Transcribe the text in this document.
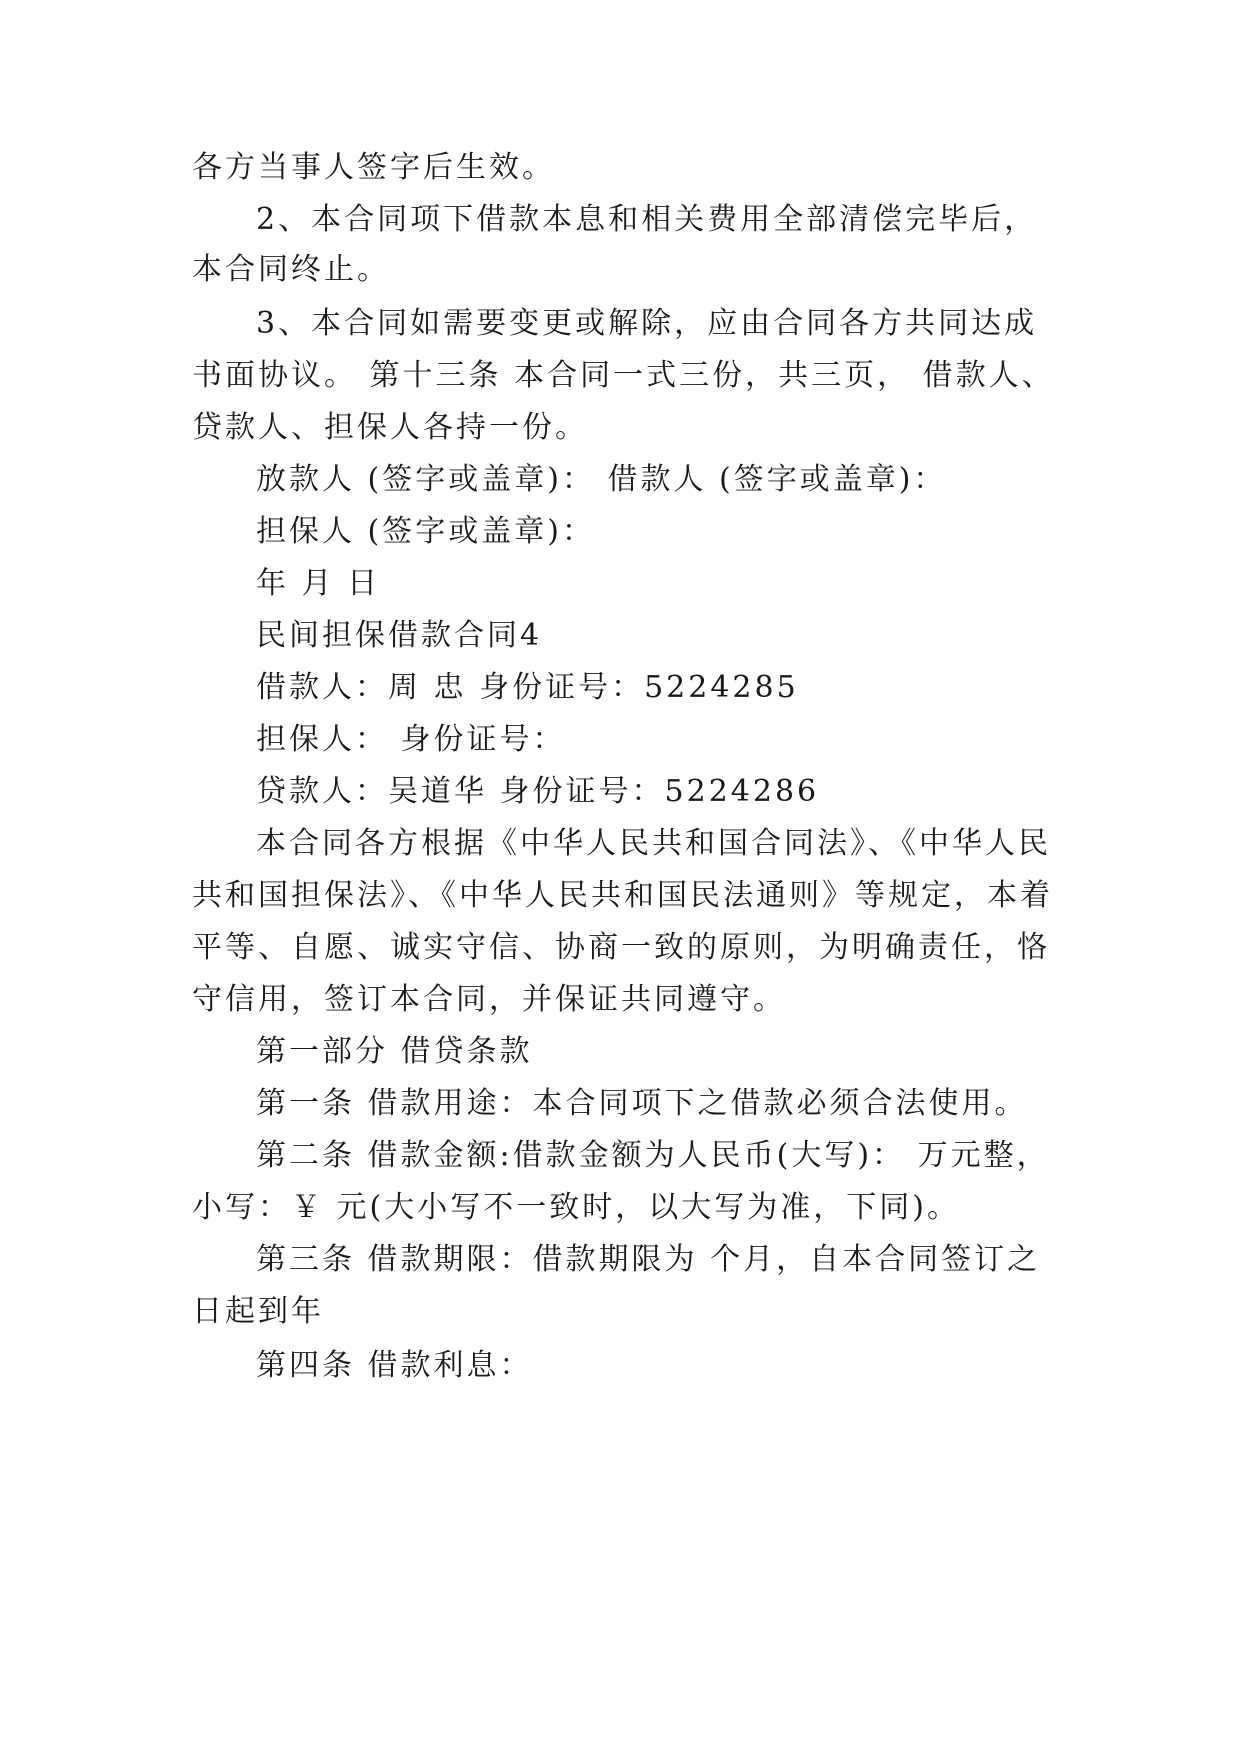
各方当事人签字后生效。
2、本合同项下借款本息和相关费用全部清偿完毕后，
本合同终止。
3、本合同如需要变更或解除，应由合同各方共同达成
书面协议。 第十三条 本合同一式三份，共三页， 借款人、
贷款人、担保人各持一份。
放款人 (签字或盖章)： 借款人 (签字或盖章)：
担保人 (签字或盖章)：
年 月 日
民间担保借款合同4
借款人：周 忠 身份证号：5224285
担保人： 身份证号：
贷款人：吴道华 身份证号：5224286
本合同各方根据《中华人民共和国合同法》、《中华人民
共和国担保法》、《中华人民共和国民法通则》等规定，本着
平等、自愿、诚实守信、协商一致的原则，为明确责任，恪
守信用，签订本合同，并保证共同遵守。
第一部分 借贷条款
第一条 借款用途：本合同项下之借款必须合法使用。
第二条 借款金额:借款金额为人民币(大写)： 万元整，
小写：￥ 元(大小写不一致时，以大写为准，下同)。
第三条 借款期限：借款期限为 个月，自本合同签订之
日起到年
第四条 借款利息：
